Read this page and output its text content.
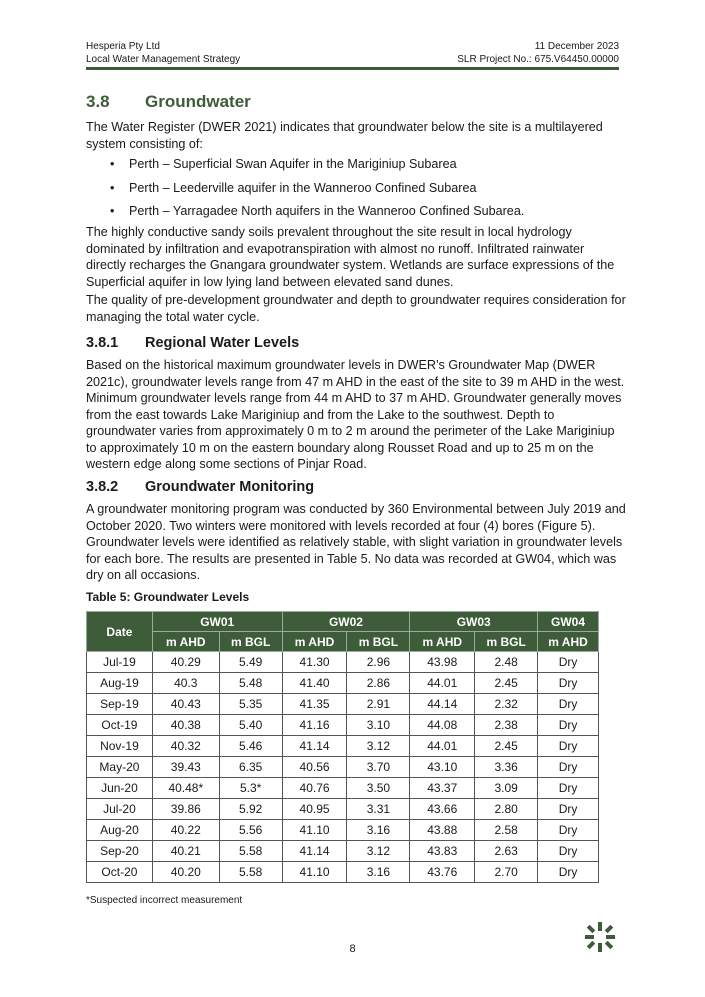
Hesperia Pty Ltd	11 December 2023
Local Water Management Strategy	SLR Project No.: 675.V64450.00000
3.8 Groundwater

The Water Register (DWER 2021) indicates that groundwater below the site is a multilayered system consisting of:

• Perth – Superficial Swan Aquifer in the Mariginiup Subarea
• Perth – Leederville aquifer in the Wanneroo Confined Subarea
• Perth – Yarragadee North aquifers in the Wanneroo Confined Subarea.

The highly conductive sandy soils prevalent throughout the site result in local hydrology dominated by infiltration and evapotranspiration with almost no runoff. Infiltrated rainwater directly recharges the Gnangara groundwater system. Wetlands are surface expressions of the Superficial aquifer in low lying land between elevated sand dunes.

The quality of pre-development groundwater and depth to groundwater requires consideration for managing the total water cycle.

3.8.1 Regional Water Levels

Based on the historical maximum groundwater levels in DWER’s Groundwater Map (DWER 2021c), groundwater levels range from 47 m AHD in the east of the site to 39 m AHD in the west. Minimum groundwater levels range from 44 m AHD to 37 m AHD. Groundwater generally moves from the east towards Lake Mariginiup and from the Lake to the southwest. Depth to groundwater varies from approximately 0 m to 2 m around the perimeter of the Lake Mariginiup to approximately 10 m on the eastern boundary along Rousset Road and up to 25 m on the western edge along some sections of Pinjar Road.

3.8.2 Groundwater Monitoring

A groundwater monitoring program was conducted by 360 Environmental between July 2019 and October 2020. Two winters were monitored with levels recorded at four (4) bores (Figure 5). Groundwater levels were identified as relatively stable, with slight variation in groundwater levels for each bore. The results are presented in Table 5. No data was recorded at GW04, which was dry on all occasions.

Table 5: Groundwater Levels
Date	GW01		GW02		GW03		GW04
	m AHD	m BGL	m AHD	m BGL	m AHD	m BGL	m AHD
Jul-19	40.29	5.49	41.30	2.96	43.98	2.48	Dry
Aug-19	40.3	5.48	41.40	2.86	44.01	2.45	Dry
Sep-19	40.43	5.35	41.35	2.91	44.14	2.32	Dry
Oct-19	40.38	5.40	41.16	3.10	44.08	2.38	Dry
Nov-19	40.32	5.46	41.14	3.12	44.01	2.45	Dry
May-20	39.43	6.35	40.56	3.70	43.10	3.36	Dry
Jun-20	40.48*	5.3*	40.76	3.50	43.37	3.09	Dry
Jul-20	39.86	5.92	40.95	3.31	43.66	2.80	Dry
Aug-20	40.22	5.56	41.10	3.16	43.88	2.58	Dry
Sep-20	40.21	5.58	41.14	3.12	43.83	2.63	Dry
Oct-20	40.20	5.58	41.10	3.16	43.76	2.70	Dry
*Suspected incorrect measurement
8
